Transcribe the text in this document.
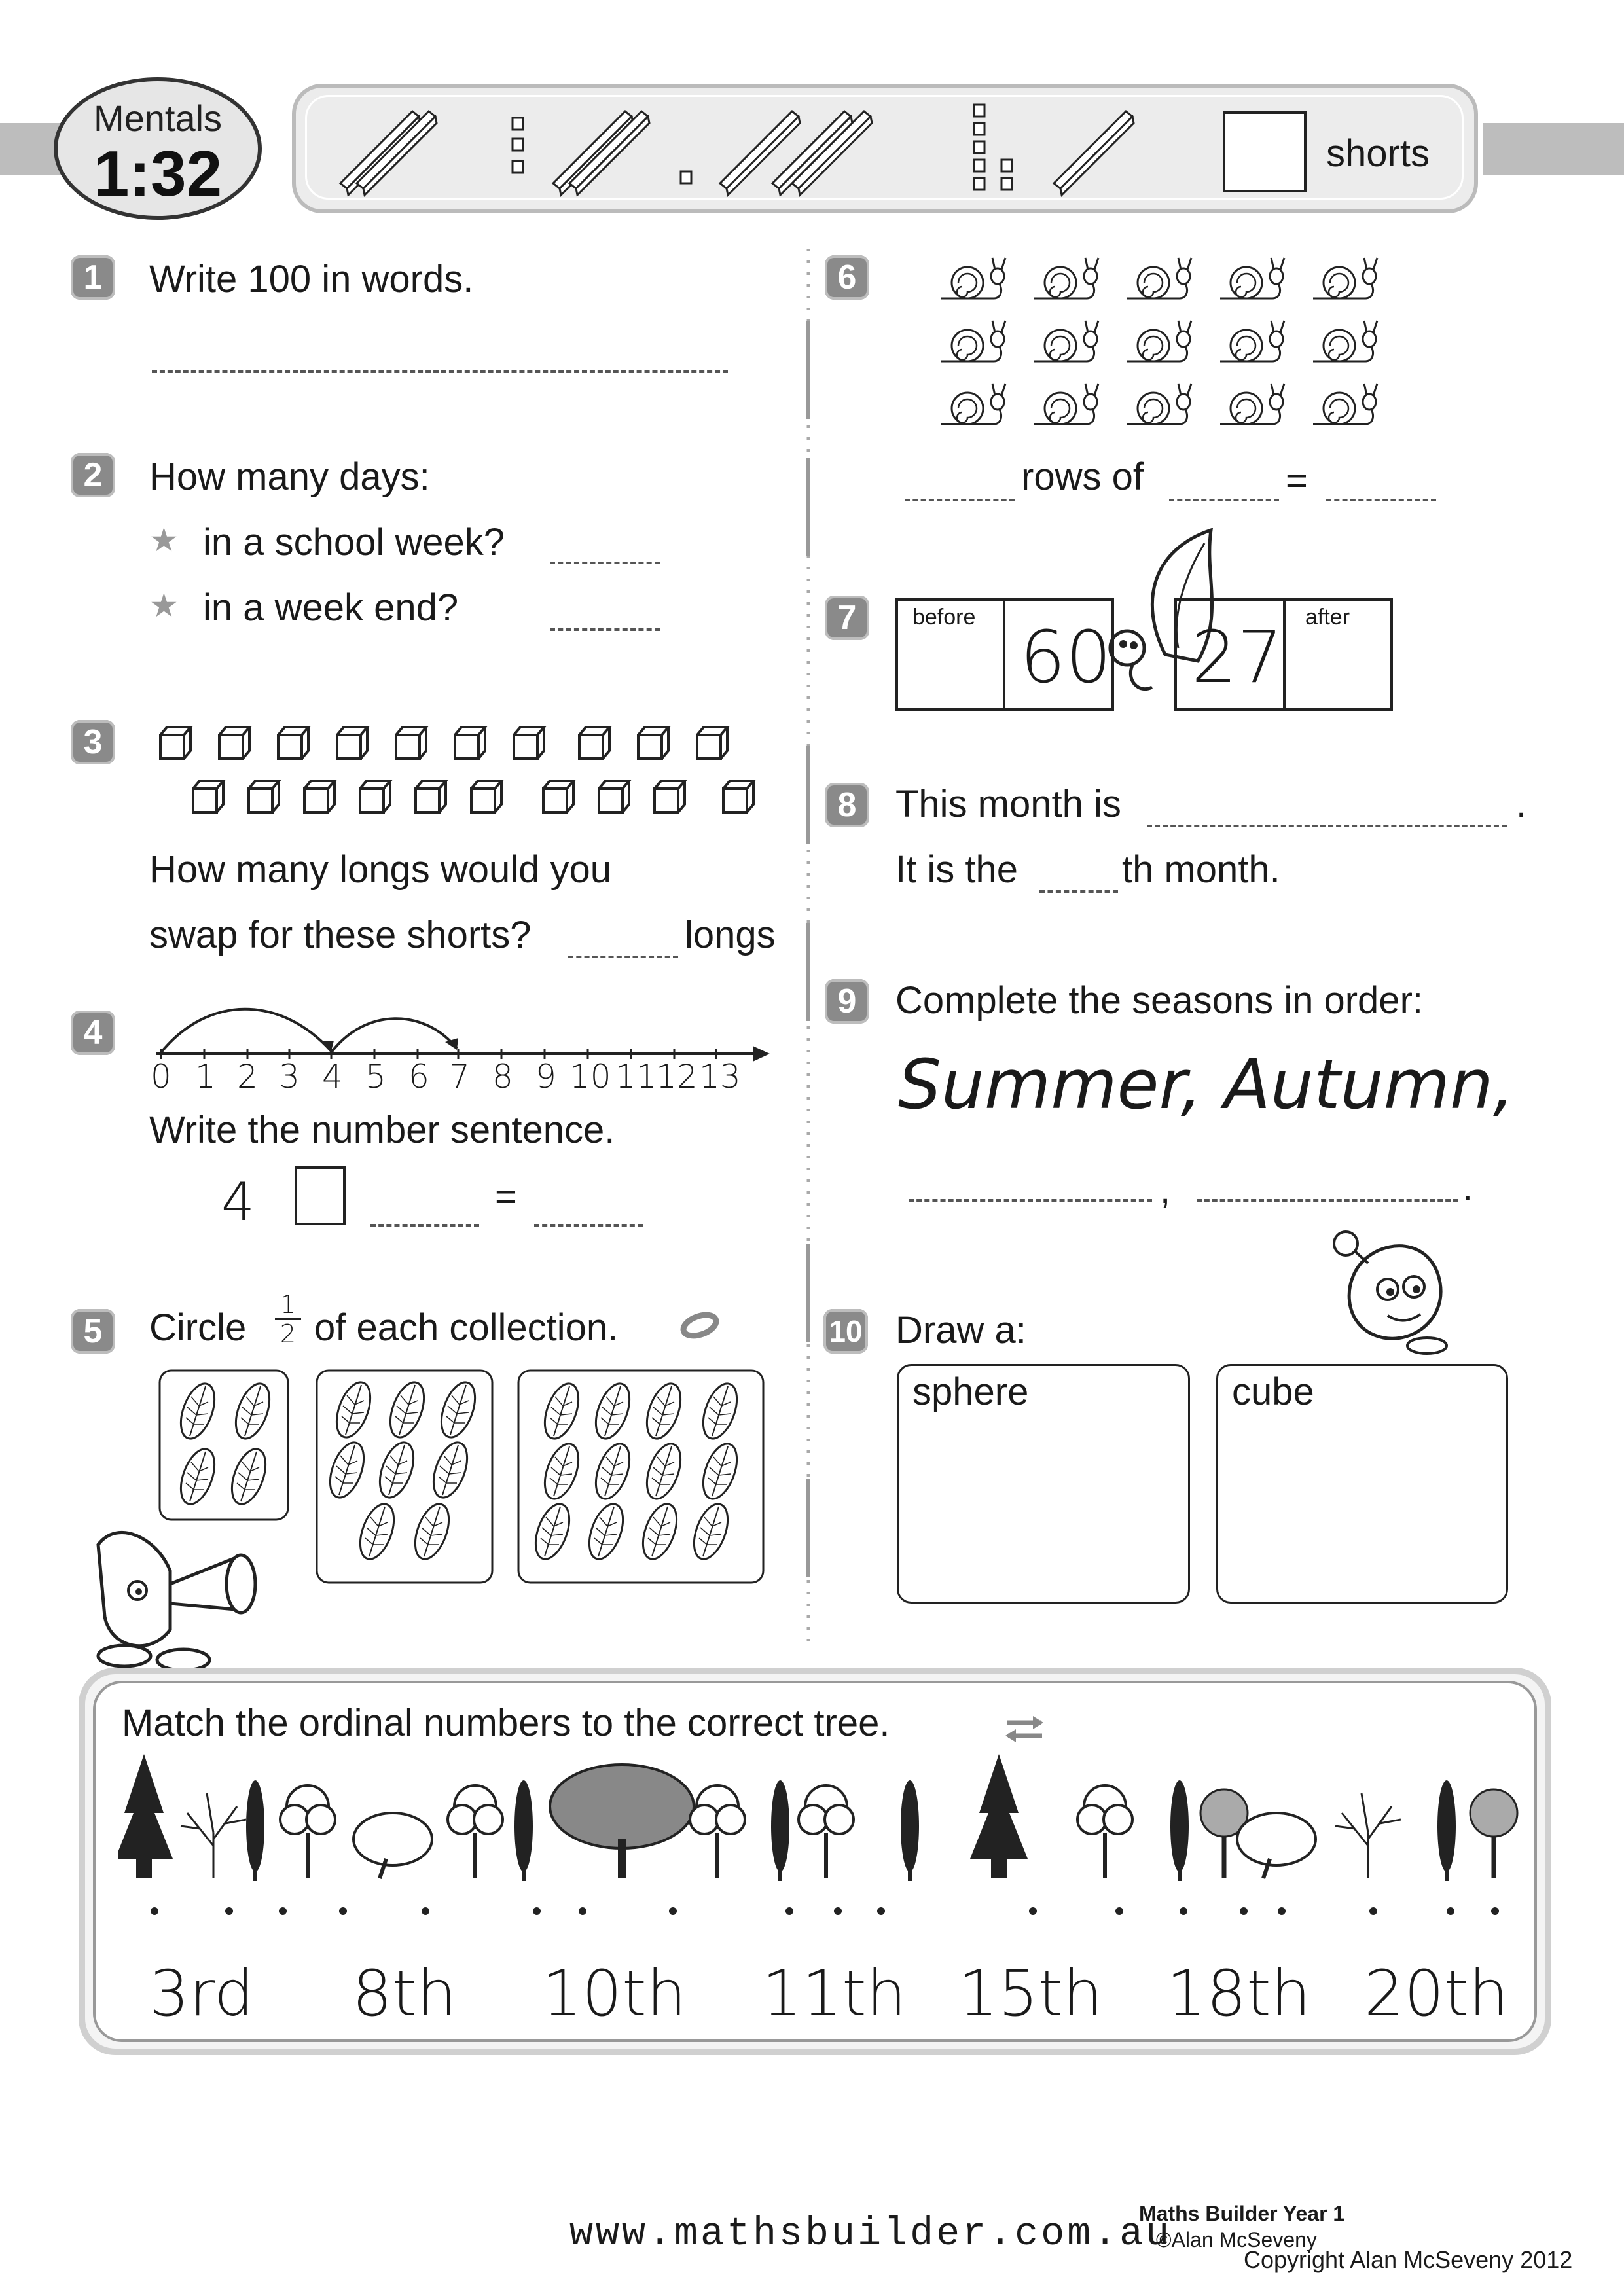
Mentals
1:32	shorts
1	Write 100 in words.
2	How many days:
★ in a school week?
★ in a week end?
3
How many longs would you
swap for these shorts?	longs
4
0 1 2 3 4 5 6 7 8 9 10 11
12 13
Write the number sentence.
4	=
5	Circle
1
2 of each collection.
6
rows of	=
7	before 60 27 after
8	This month is	.
It is the	th month.
9	Complete the seasons in order:
Summer, Autumn,
,	.
10 Draw a:
sphere	cube
Match the ordinal numbers to the correct tree.
3rd 8th 10th 11th 15th 18th 20th
www.mathsbuilder.com.au
Maths Builder Year 1
©Alan McSeveny
Copyright Alan McSeveny 2012
